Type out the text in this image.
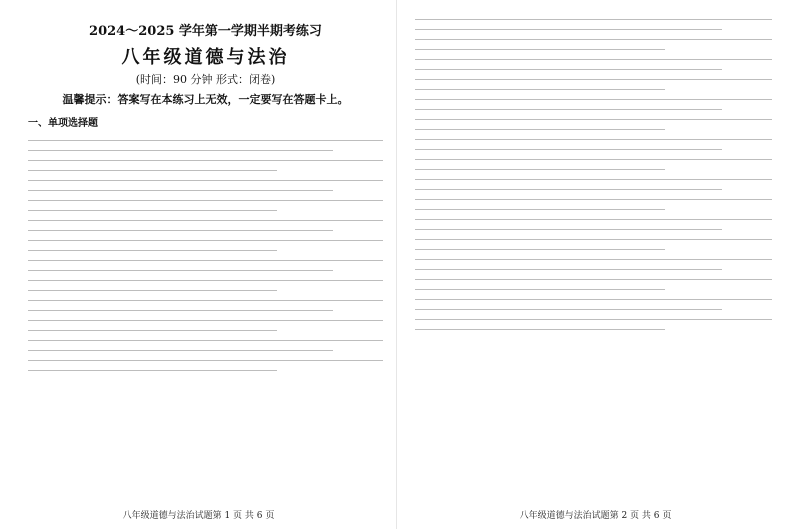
2024～2025 学年第一学期半期考练习
八年级道德与法治
(时间：90 分钟 形式：闭卷)
温馨提示：答案写在本练习上无效，一定要写在答题卡上。
一、单项选择题
八年级道德与法治试题第 1 页 共 6 页	八年级道德与法治试题第 2 页 共 6 页
